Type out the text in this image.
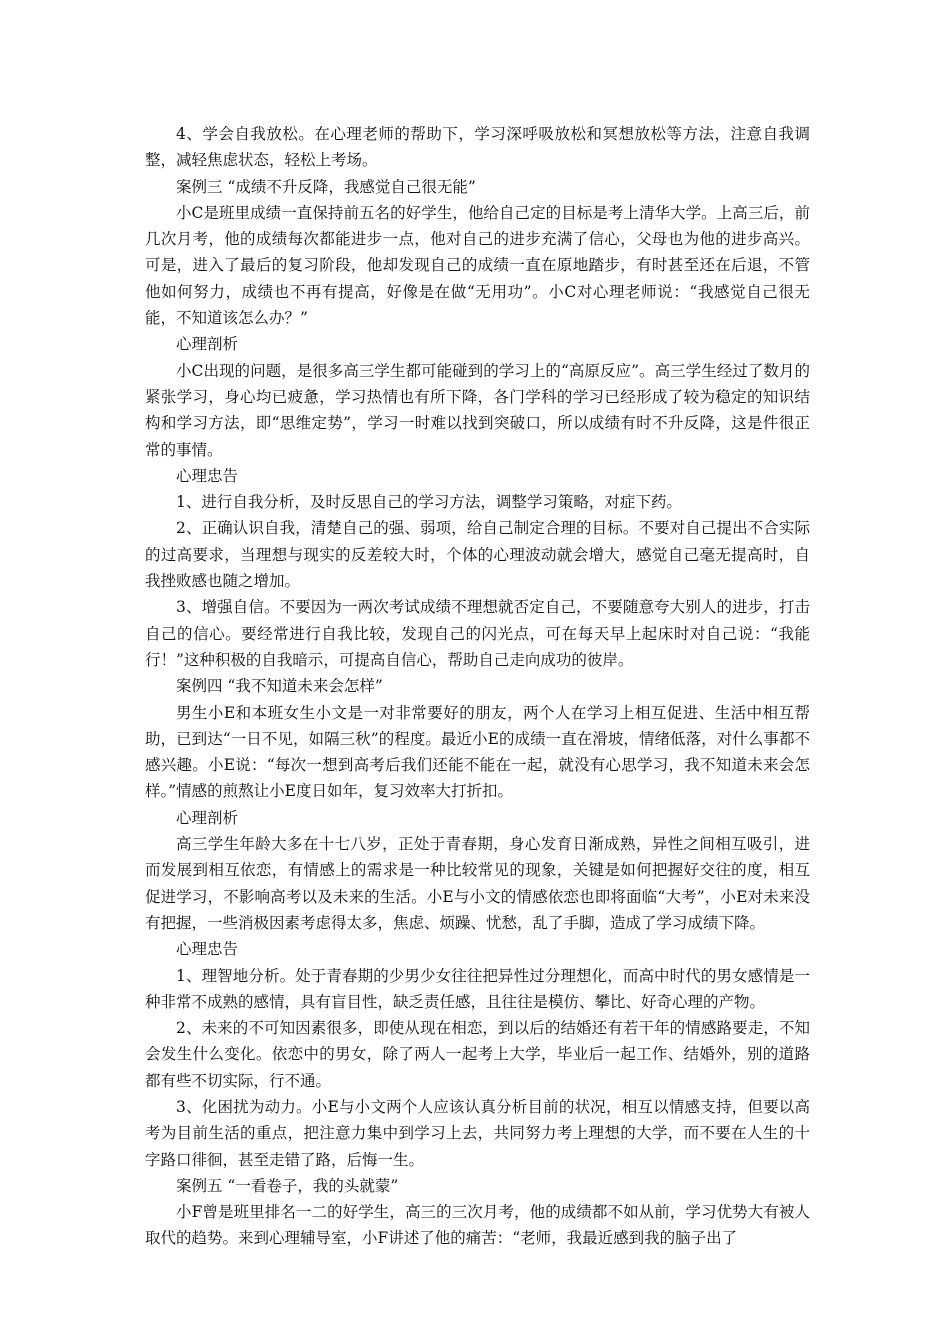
4、学会自我放松。在心理老师的帮助下，学习深呼吸放松和冥想放松等方法，注意自我调整，减轻焦虑状态，轻松上考场。

案例三 “成绩不升反降，我感觉自己很无能”

小C是班里成绩一直保持前五名的好学生，他给自己定的目标是考上清华大学。上高三后，前几次月考，他的成绩每次都能进步一点，他对自己的进步充满了信心，父母也为他的进步高兴。可是，进入了最后的复习阶段，他却发现自己的成绩一直在原地踏步，有时甚至还在后退，不管他如何努力，成绩也不再有提高，好像是在做“无用功”。小C对心理老师说：“我感觉自己很无能，不知道该怎么办？”

心理剖析

小C出现的问题，是很多高三学生都可能碰到的学习上的“高原反应”。高三学生经过了数月的紧张学习，身心均已疲惫，学习热情也有所下降，各门学科的学习已经形成了较为稳定的知识结构和学习方法，即“思维定势”，学习一时难以找到突破口，所以成绩有时不升反降，这是件很正常的事情。

心理忠告

1、进行自我分析，及时反思自己的学习方法，调整学习策略，对症下药。

2、正确认识自我，清楚自己的强、弱项，给自己制定合理的目标。不要对自己提出不合实际的过高要求，当理想与现实的反差较大时，个体的心理波动就会增大，感觉自己毫无提高时，自我挫败感也随之增加。

3、增强自信。不要因为一两次考试成绩不理想就否定自己，不要随意夸大别人的进步，打击自己的信心。要经常进行自我比较，发现自己的闪光点，可在每天早上起床时对自己说：“我能行！”这种积极的自我暗示，可提高自信心，帮助自己走向成功的彼岸。

案例四 “我不知道未来会怎样”

男生小E和本班女生小文是一对非常要好的朋友，两个人在学习上相互促进、生活中相互帮助，已到达“一日不见，如隔三秋”的程度。最近小E的成绩一直在滑坡，情绪低落，对什么事都不感兴趣。小E说：“每次一想到高考后我们还能不能在一起，就没有心思学习，我不知道未来会怎样。”情感的煎熬让小E度日如年，复习效率大打折扣。

心理剖析

高三学生年龄大多在十七八岁，正处于青春期，身心发育日渐成熟，异性之间相互吸引，进而发展到相互依恋，有情感上的需求是一种比较常见的现象，关键是如何把握好交往的度，相互促进学习，不影响高考以及未来的生活。小E与小文的情感依恋也即将面临“大考”，小E对未来没有把握，一些消极因素考虑得太多，焦虑、烦躁、忧愁，乱了手脚，造成了学习成绩下降。

心理忠告

1、理智地分析。处于青春期的少男少女往往把异性过分理想化，而高中时代的男女感情是一种非常不成熟的感情，具有盲目性，缺乏责任感，且往往是模仿、攀比、好奇心理的产物。

2、未来的不可知因素很多，即使从现在相恋，到以后的结婚还有若干年的情感路要走，不知会发生什么变化。依恋中的男女，除了两人一起考上大学，毕业后一起工作、结婚外，别的道路都有些不切实际，行不通。

3、化困扰为动力。小E与小文两个人应该认真分析目前的状况，相互以情感支持，但要以高考为目前生活的重点，把注意力集中到学习上去，共同努力考上理想的大学，而不要在人生的十字路口徘徊，甚至走错了路，后悔一生。

案例五 “一看卷子，我的头就蒙”

小F曾是班里排名一二的好学生，高三的三次月考，他的成绩都不如从前，学习优势大有被人取代的趋势。来到心理辅导室，小F讲述了他的痛苦：“老师，我最近感到我的脑子出了
